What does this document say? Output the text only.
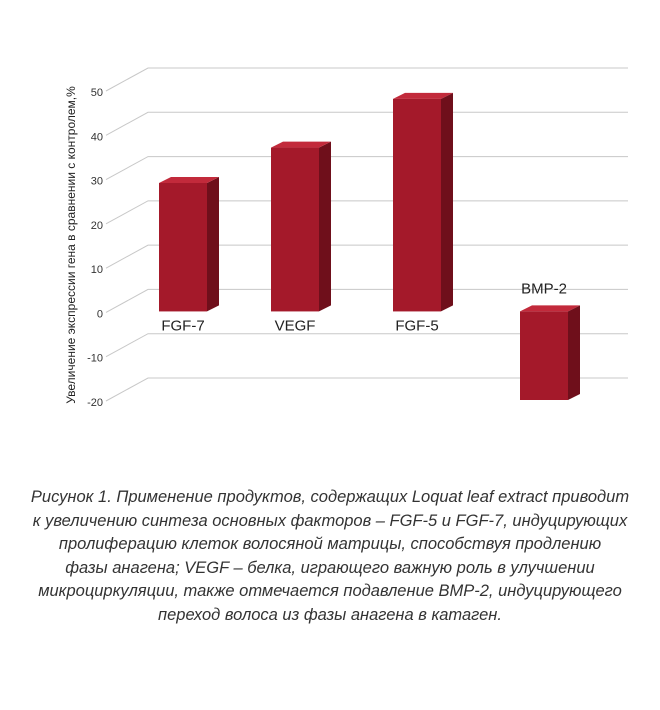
50
40
30
20
10
0
-10
-20
FGF-7	VEGF	FGF-5
BMP-2
Увеличение экспрессии гена в сравнении с контролем,%
Рисунок 1. Применение продуктов, содержащих Loquat leaf extract приводит
к увеличению синтеза основных факторов – FGF-5 и FGF-7, индуцирующих
пролиферацию клеток волосяной матрицы, способствуя продлению
фазы анагена; VEGF – белка, играющего важную роль в улучшении
микроциркуляции, также отмечается подавление BMP-2, индуцирующего
переход волоса из фазы анагена в катаген.
